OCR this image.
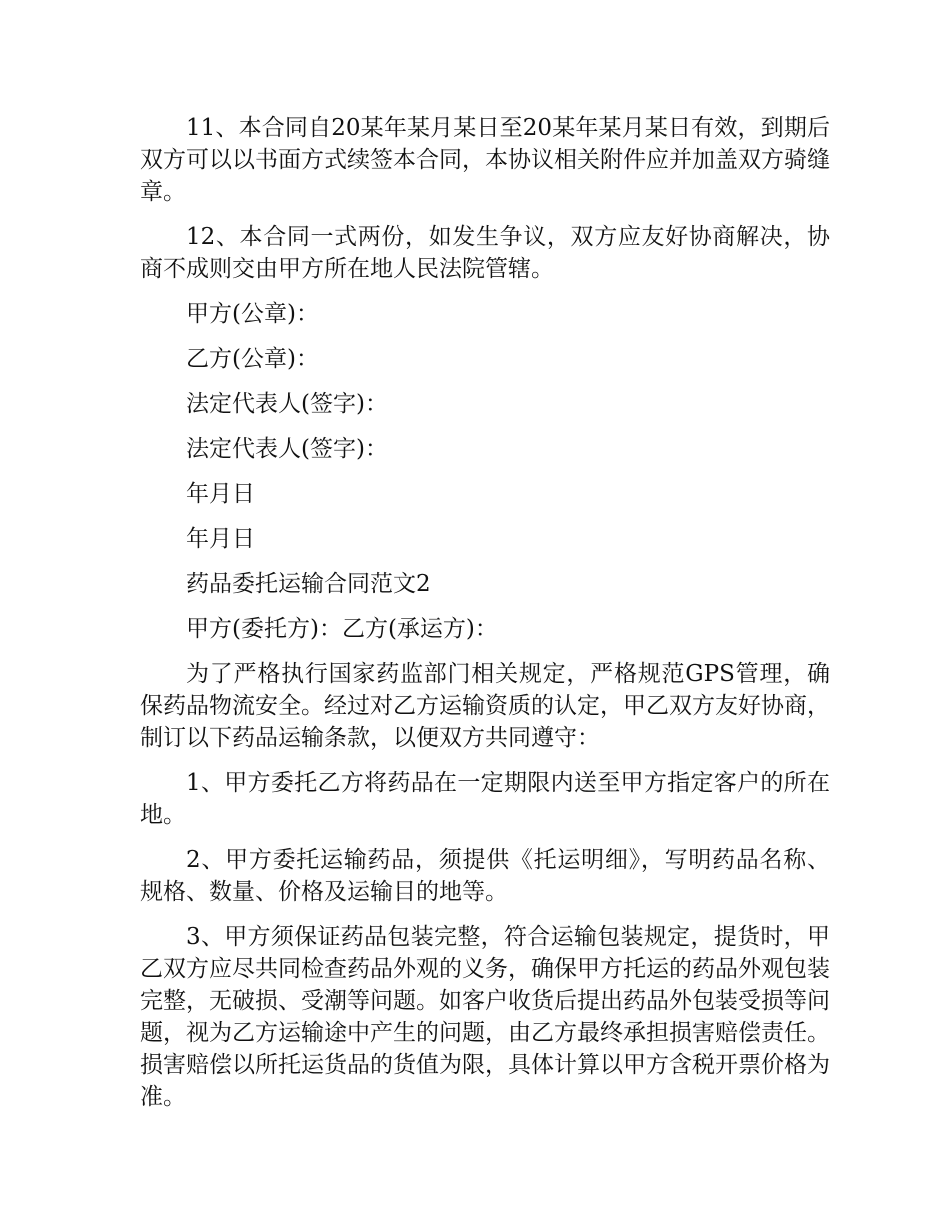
11、本合同自20某年某月某日至20某年某月某日有效，到期后双方可以以书面方式续签本合同，本协议相关附件应并加盖双方骑缝章。

12、本合同一式两份，如发生争议，双方应友好协商解决，协商不成则交由甲方所在地人民法院管辖。

甲方(公章)：

乙方(公章)：

法定代表人(签字)：

法定代表人(签字)：

年月日

年月日

药品委托运输合同范文2

甲方(委托方)：乙方(承运方)：

为了严格执行国家药监部门相关规定，严格规范GPS管理，确保药品物流安全。经过对乙方运输资质的认定，甲乙双方友好协商，制订以下药品运输条款，以便双方共同遵守：

1、甲方委托乙方将药品在一定期限内送至甲方指定客户的所在地。

2、甲方委托运输药品，须提供《托运明细》，写明药品名称、规格、数量、价格及运输目的地等。

3、甲方须保证药品包装完整，符合运输包装规定，提货时，甲乙双方应尽共同检查药品外观的义务，确保甲方托运的药品外观包装完整，无破损、受潮等问题。如客户收货后提出药品外包装受损等问题，视为乙方运输途中产生的问题，由乙方最终承担损害赔偿责任。损害赔偿以所托运货品的货值为限，具体计算以甲方含税开票价格为准。
